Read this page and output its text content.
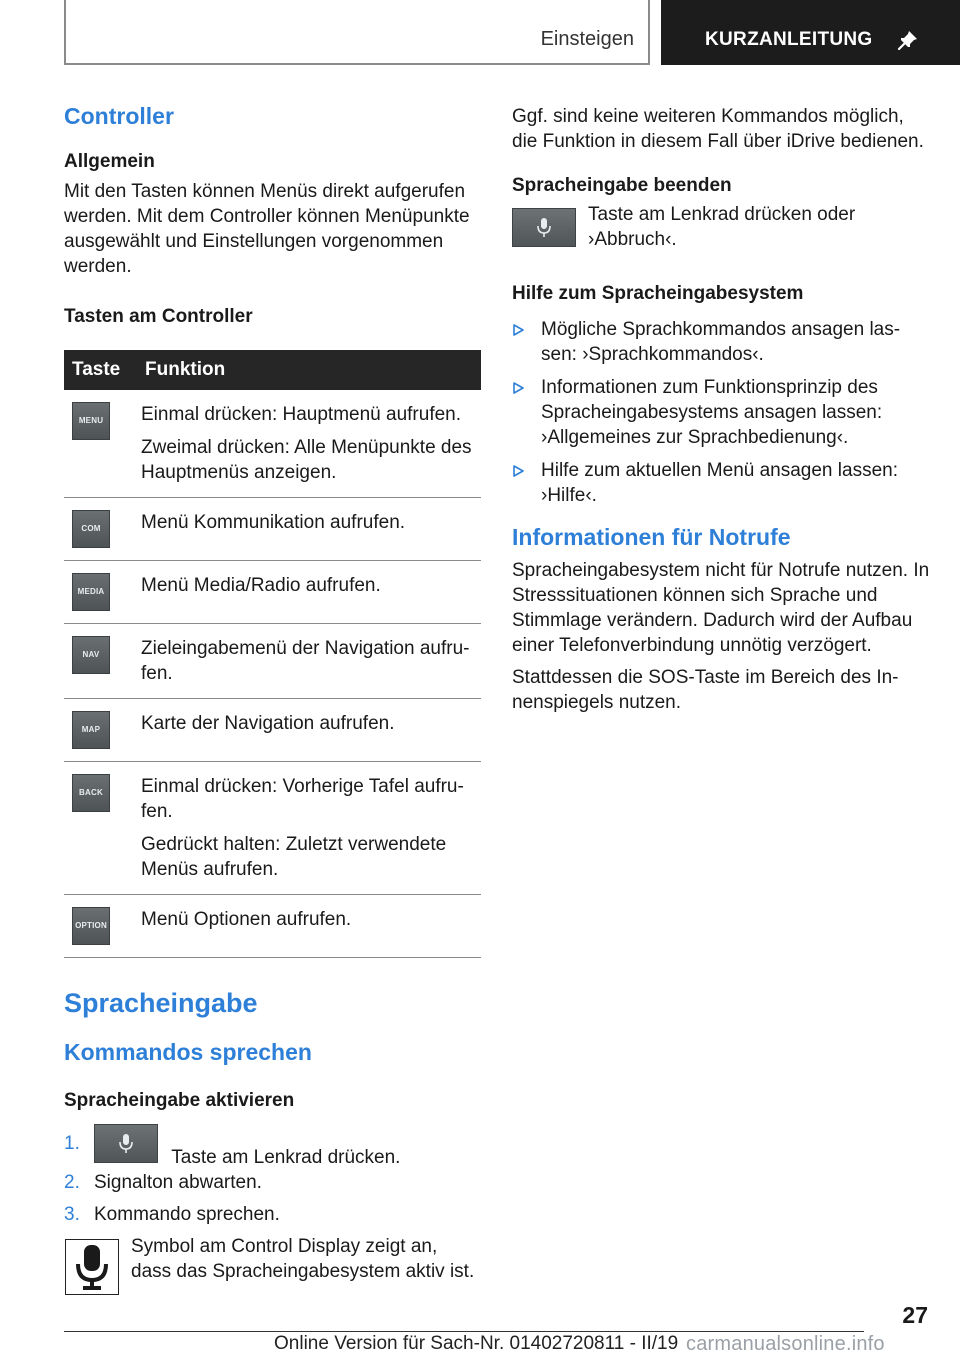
Einsteigen	KURZANLEITUNG
Controller
Allgemein

Mit den Tasten können Menüs direkt aufgerufen werden. Mit dem Controller können Menüpunkte ausgewählt und Einstellungen vorgenommen werden.

Tasten am Controller
Taste	Funktion

MENU	Einmal drücken: Hauptmenü aufrufen.
Zweimal drücken: Alle Menüpunkte des Hauptmenüs anzeigen.

COM	Menü Kommunikation aufrufen.

MEDIA	Menü Media/Radio aufrufen.

NAV	Zieleingabemenü der Navigation aufru‐ fen.

MAP	Karte der Navigation aufrufen.

BACK	Einmal drücken: Vorherige Tafel aufru‐ fen.
Gedrückt halten: Zuletzt verwendete Menüs aufrufen.

OPTION	Menü Optionen aufrufen.
Spracheingabe
Kommandos sprechen
Spracheingabe aktivieren
1.
Taste am Lenkrad drücken.
2. Signalton abwarten.
3. Kommando sprechen.

Symbol am Control Display zeigt an, dass das Spracheingabesystem aktiv ist.

Ggf. sind keine weiteren Kommandos möglich, die Funktion in diesem Fall über iDrive bedienen.

Spracheingabe beenden

Taste am Lenkrad drücken oder ›Abbruch‹.

Hilfe zum Spracheingabesystem
Mögliche Sprachkommandos ansagen las‐ sen: ›Sprachkommandos‹.
Informationen zum Funktionsprinzip des Spracheingabesystems ansagen lassen: ›Allgemeines zur Sprachbedienung‹.
Hilfe zum aktuellen Menü ansagen lassen: ›Hilfe‹.
Informationen für Notrufe

Spracheingabesystem nicht für Notrufe nutzen. In Stresssituationen können sich Sprache und Stimmlage verändern. Dadurch wird der Aufbau einer Telefonverbindung unnötig verzögert.

Stattdessen die SOS-Taste im Bereich des In‐ nenspiegels nutzen.

27
Online Version für Sach-Nr. 01402720811 - II/19 carmanualsonline.info
